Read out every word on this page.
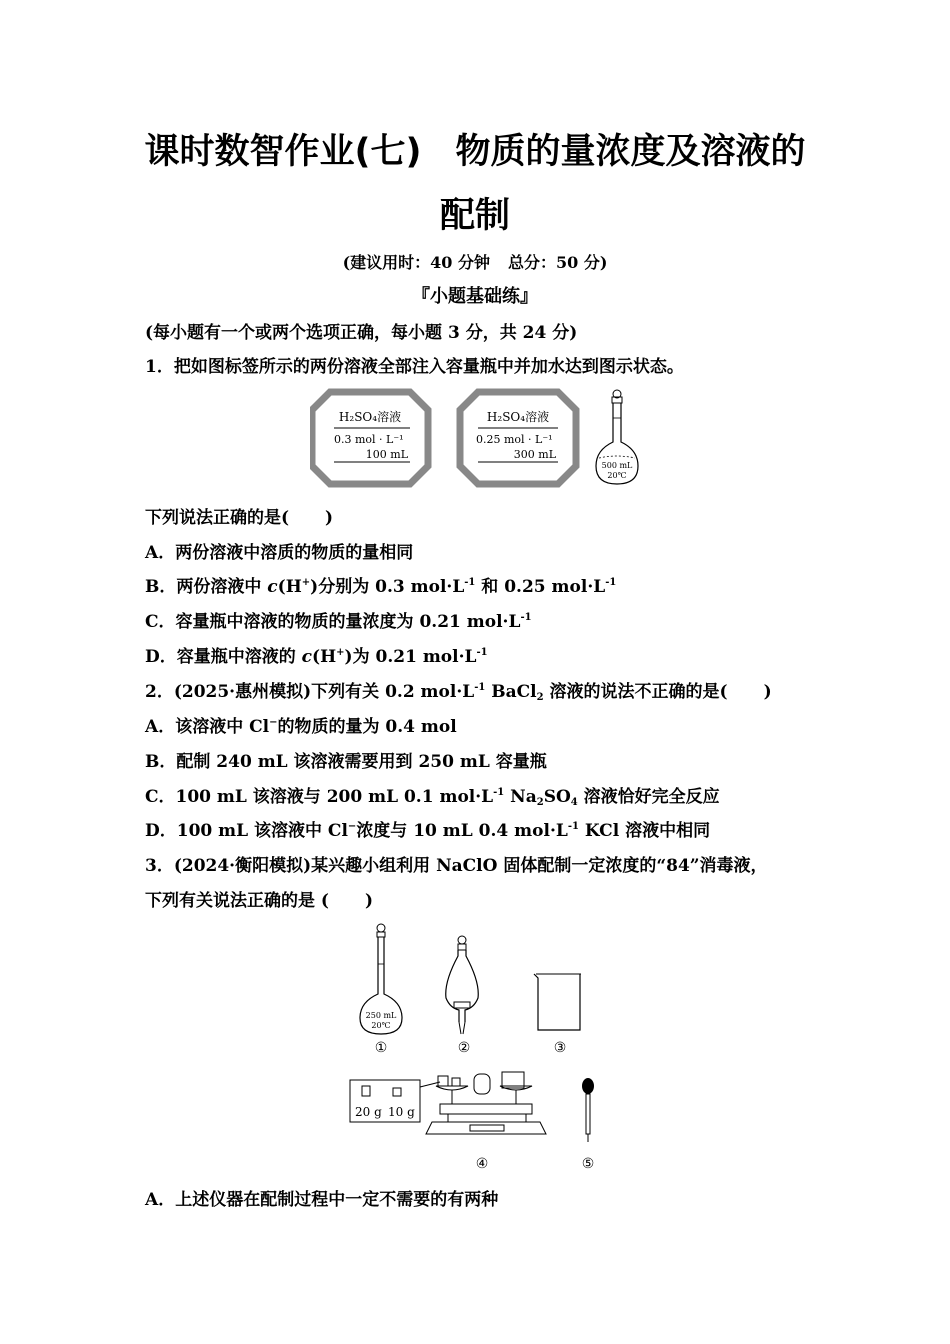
课时数智作业(七) 物质的量浓度及溶液的
配制
(建议用时：40 分钟 总分：50 分)
『小题基础练』
(每小题有一个或两个选项正确，每小题 3 分，共 24 分)
1．把如图标签所示的两份溶液全部注入容量瓶中并加水达到图示状态。
H₂SO₄溶液
0.3 mol · L⁻¹
100 mL
H₂SO₄溶液
0.25 mol · L⁻¹
300 mL
500 mL
20℃
下列说法正确的是( )
A．两份溶液中溶质的物质的量相同
B．两份溶液中 c(H+)分别为 0.3 $mol\cdot L^{-1}$ 和 0.25 $mol\cdot L^{-1}$
C．容量瓶中溶液的物质的量浓度为 0.21 $mol\cdot L^{-1}$
D．容量瓶中溶液的 c(H+)为 0.21 $mol\cdot L^{-1}$
2．(2025·惠州模拟)下列有关 0.2 $mol\cdot L^{-1}$ BaCl$_2$ 溶液的说法不正确的是( )
A．该溶液中 Cl−的物质的量为 0.4 mol
B．配制 240 mL 该溶液需要用到 250 mL 容量瓶
C．100 mL 该溶液与 200 mL 0.1 $mol\cdot L^{-1}$ $Na_2SO_4$ 溶液恰好完全反应
D．100 mL 该溶液中 Cl−浓度与 10 mL 0.4 $mol\cdot L^{-1}$ KCl 溶液中相同
3．(2024·衡阳模拟)某兴趣小组利用 NaClO 固体配制一定浓度的“84”消毒液，
下列有关说法正确的是 ( )
250 mL
20℃
①	②	③
20 g 10 g
④	⑤
A．上述仪器在配制过程中一定不需要的有两种
